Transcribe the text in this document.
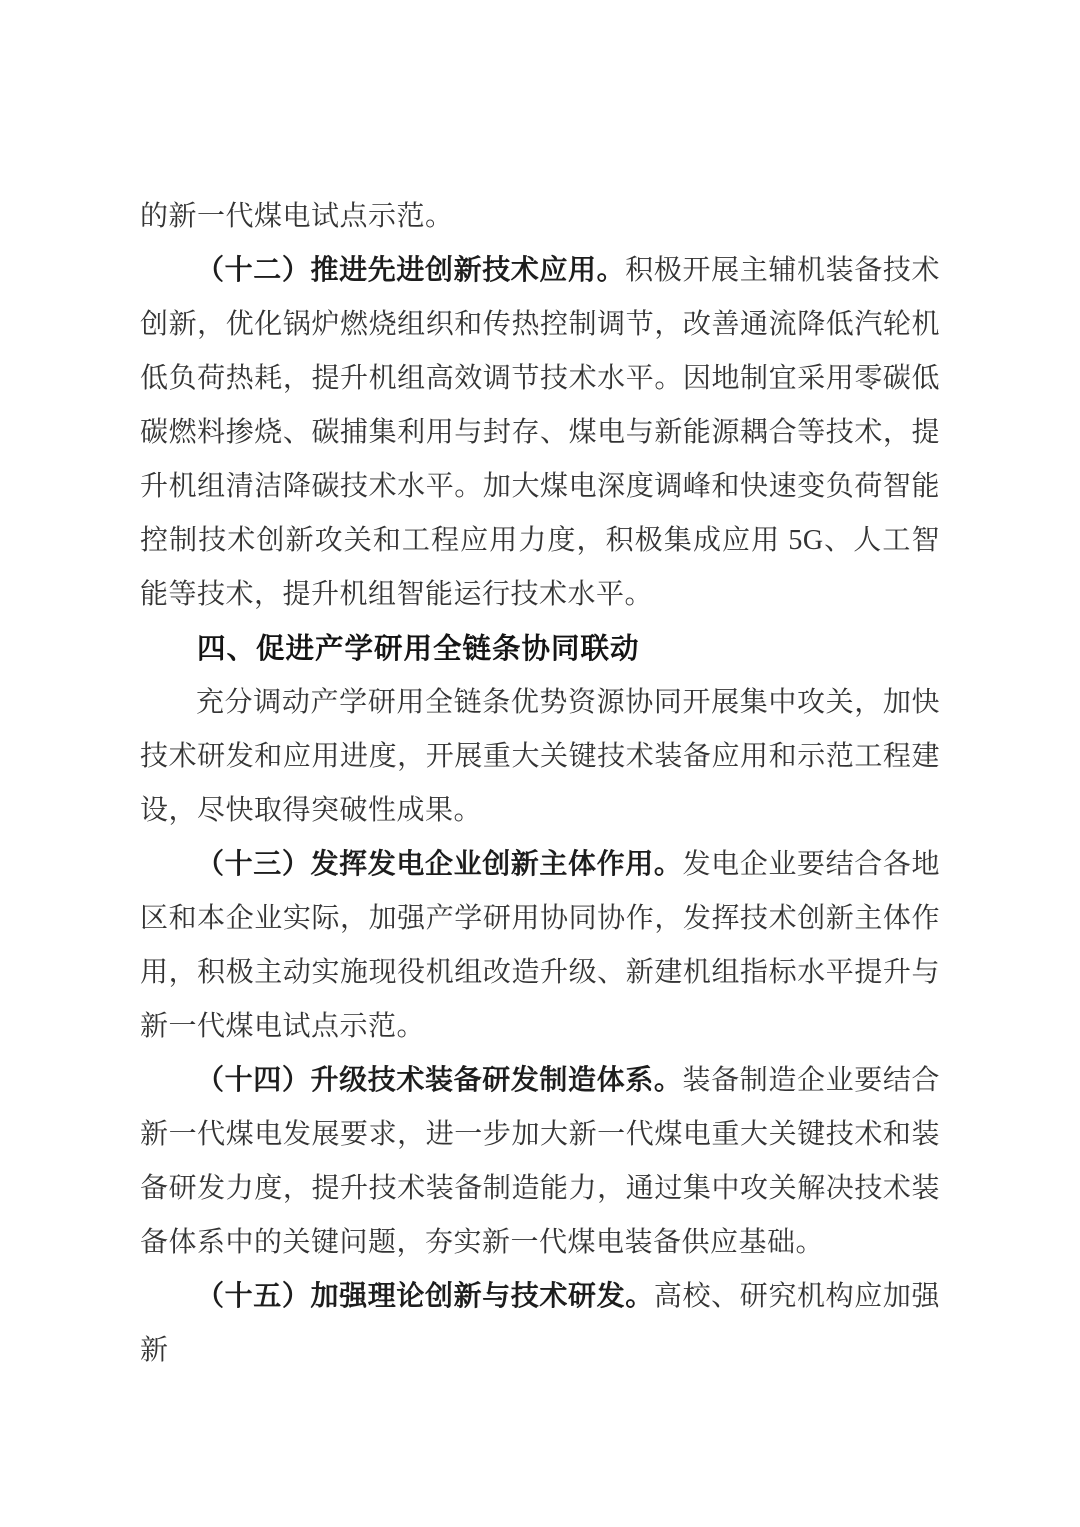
的新一代煤电试点示范。

（十二）推进先进创新技术应用。积极开展主辅机装备技术创新，优化锅炉燃烧组织和传热控制调节，改善通流降低汽轮机低负荷热耗，提升机组高效调节技术水平。因地制宜采用零碳低碳燃料掺烧、碳捕集利用与封存、煤电与新能源耦合等技术，提升机组清洁降碳技术水平。加大煤电深度调峰和快速变负荷智能控制技术创新攻关和工程应用力度，积极集成应用 5G、人工智能等技术，提升机组智能运行技术水平。

四、促进产学研用全链条协同联动

充分调动产学研用全链条优势资源协同开展集中攻关，加快技术研发和应用进度，开展重大关键技术装备应用和示范工程建设，尽快取得突破性成果。

（十三）发挥发电企业创新主体作用。发电企业要结合各地区和本企业实际，加强产学研用协同协作，发挥技术创新主体作用，积极主动实施现役机组改造升级、新建机组指标水平提升与新一代煤电试点示范。

（十四）升级技术装备研发制造体系。装备制造企业要结合新一代煤电发展要求，进一步加大新一代煤电重大关键技术和装备研发力度，提升技术装备制造能力，通过集中攻关解决技术装备体系中的关键问题，夯实新一代煤电装备供应基础。

（十五）加强理论创新与技术研发。高校、研究机构应加强新
